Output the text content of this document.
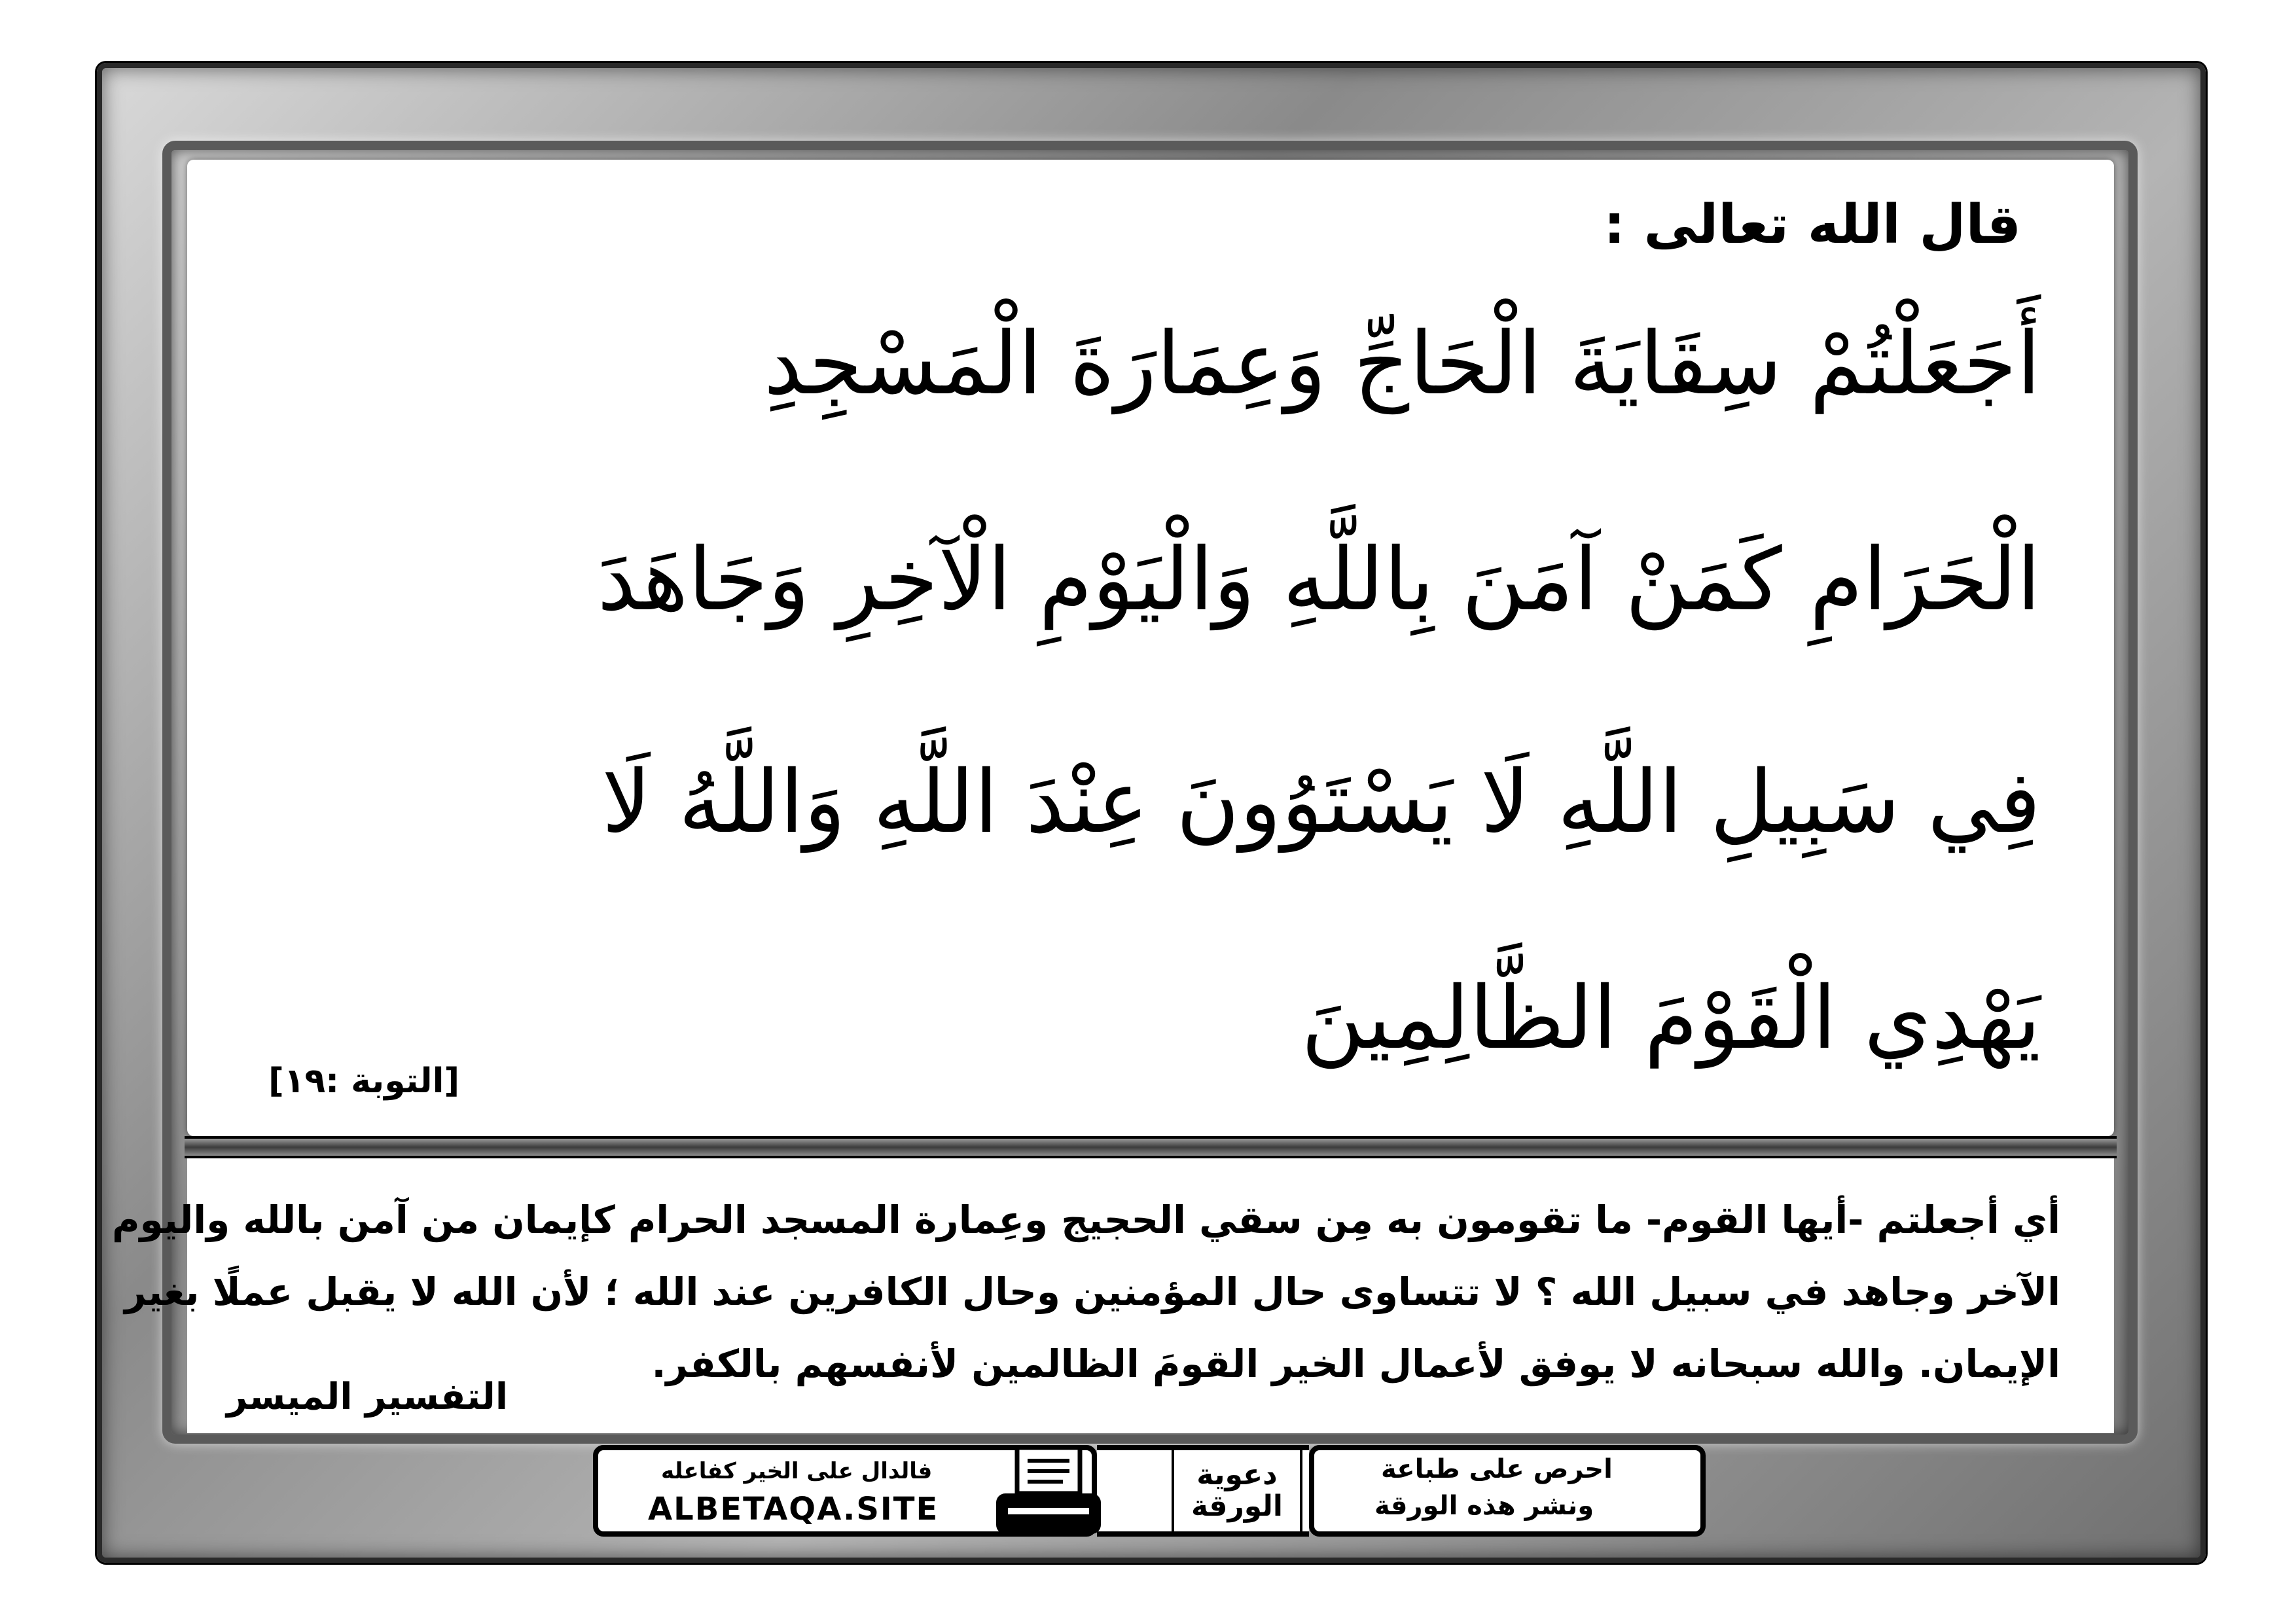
قال الله تعالى :
أَجَعَلْتُمْ سِقَايَةَ الْحَاجِّ وَعِمَارَةَ الْمَسْجِدِ
الْحَرَامِ كَمَنْ آمَنَ بِاللَّهِ وَالْيَوْمِ الْآخِرِ وَجَاهَدَ
فِي سَبِيلِ اللَّهِ لَا يَسْتَوُونَ عِنْدَ اللَّهِ وَاللَّهُ لَا
يَهْدِي الْقَوْمَ الظَّالِمِينَ
[التوبة :١٩]
أي أجعلتم -أيها القوم- ما تقومون به مِن سقي الحجيج وعِمارة المسجد الحرام كإيمان من آمن بالله واليوم
الآخر وجاهد في سبيل الله ؟ لا تتساوى حال المؤمنين وحال الكافرين عند الله ؛ لأن الله لا يقبل عملًا بغير
الإيمان. والله سبحانه لا يوفق لأعمال الخير القومَ الظالمين لأنفسهم بالكفر.
التفسير الميسر
فالدال على الخير كفاعله
ALBETAQA.SITE
دعوية
الورقة
احرص على طباعة
ونشر هذه الورقة
